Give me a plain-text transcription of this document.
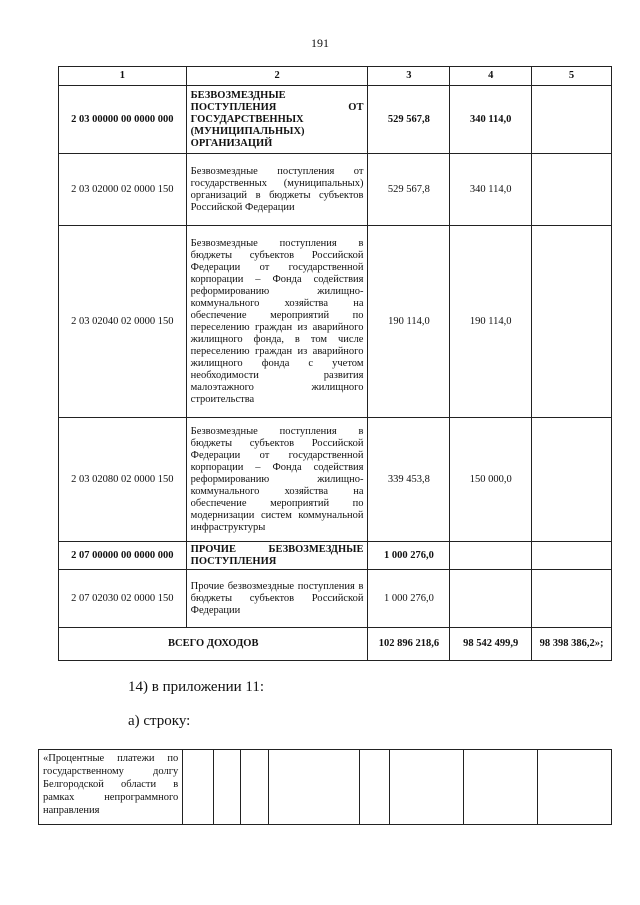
191
1	2	3	4	5
2 03 00000 00 0000 000	БЕЗВОЗМЕЗДНЫЕ ПОСТУПЛЕНИЯ ОТ ГОСУДАРСТВЕННЫХ (МУНИЦИПАЛЬНЫХ) ОРГАНИЗАЦИЙ	529 567,8	340 114,0	
2 03 02000 02 0000 150	Безвозмездные поступления от государственных (муниципальных) организаций в бюджеты субъектов Российской Федерации	529 567,8	340 114,0	
2 03 02040 02 0000 150	Безвозмездные поступления в бюджеты субъектов Российской Федерации от государственной корпорации – Фонда содействия реформированию жилищно-коммунального хозяйства на обеспечение мероприятий по переселению граждан из аварийного жилищного фонда, в том числе переселению граждан из аварийного жилищного фонда с учетом необходимости развития малоэтажного жилищного строительства	190 114,0	190 114,0	
2 03 02080 02 0000 150	Безвозмездные поступления в бюджеты субъектов Российской Федерации от государственной корпорации – Фонда содействия реформированию жилищно-коммунального хозяйства на обеспечение мероприятий по модернизации систем коммунальной инфраструктуры	339 453,8	150 000,0	
2 07 00000 00 0000 000	ПРОЧИЕ БЕЗВОЗМЕЗДНЫЕ ПОСТУПЛЕНИЯ	1 000 276,0		
2 07 02030 02 0000 150	Прочие безвозмездные поступления в бюджеты субъектов Российской Федерации	1 000 276,0		
ВСЕГО ДОХОДОВ		102 896 218,6	98 542 499,9	98 398 386,2»;
14) в приложении 11:
а) строку:
«Процентные платежи по государственному долгу Белгородской области в рамках непрограммного направления								
